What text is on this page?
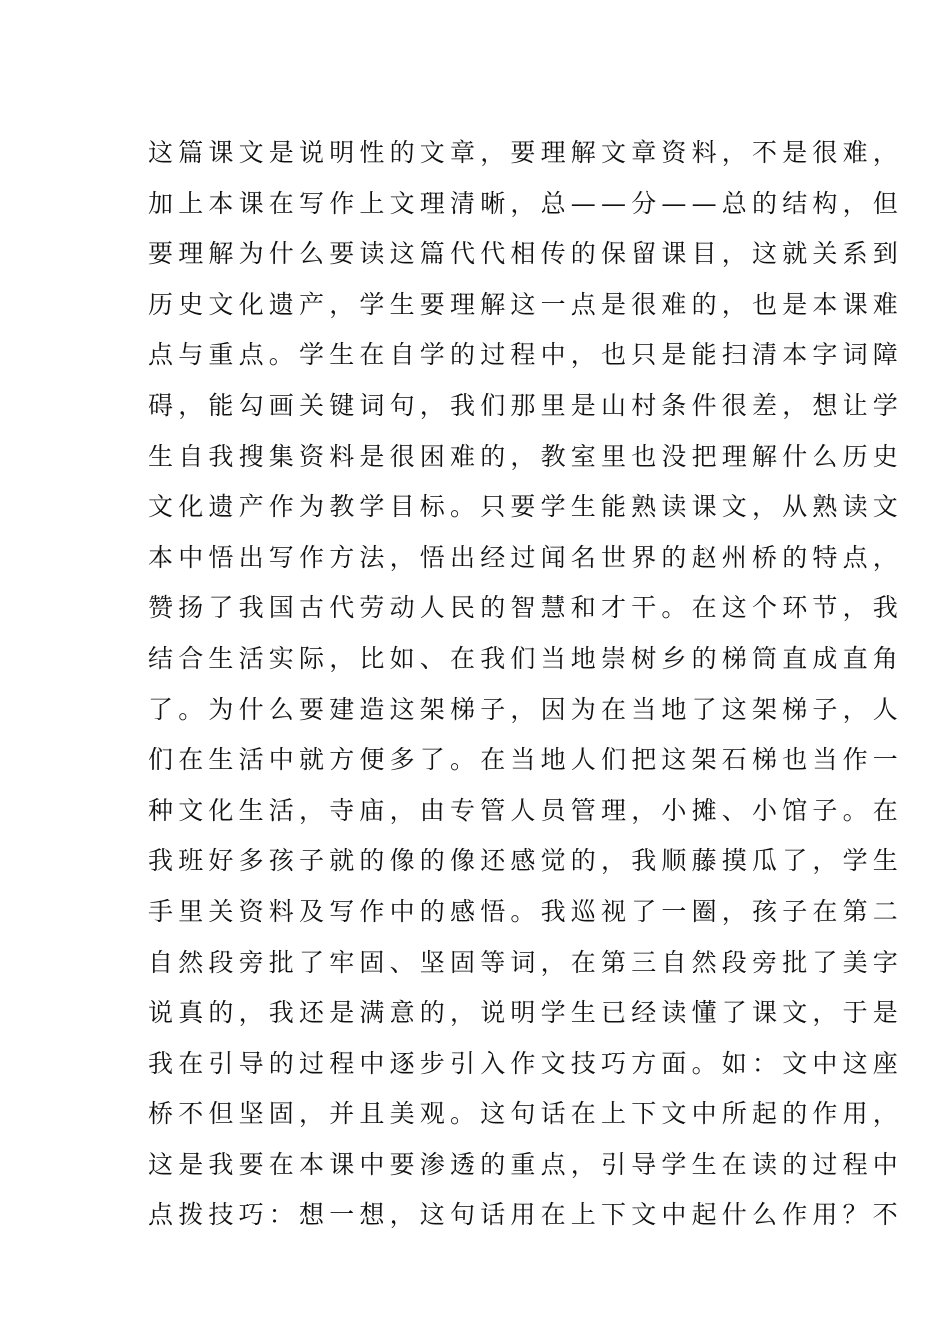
这篇课文是说明性的文章，要理解文章资料，不是很难，
加上本课在写作上文理清晰，总——分——总的结构，但
要理解为什么要读这篇代代相传的保留课目，这就关系到
历史文化遗产，学生要理解这一点是很难的，也是本课难
点与重点。学生在自学的过程中，也只是能扫清本字词障
碍，能勾画关键词句，我们那里是山村条件很差，想让学
生自我搜集资料是很困难的，教室里也没把理解什么历史
文化遗产作为教学目标。只要学生能熟读课文，从熟读文
本中悟出写作方法，悟出经过闻名世界的赵州桥的特点，
赞扬了我国古代劳动人民的智慧和才干。在这个环节，我
结合生活实际，比如、在我们当地崇树乡的梯筒直成直角
了。为什么要建造这架梯子，因为在当地了这架梯子，人
们在生活中就方便多了。在当地人们把这架石梯也当作一
种文化生活，寺庙，由专管人员管理，小摊、小馆子。在
我班好多孩子就的像的像还感觉的，我顺藤摸瓜了，学生
手里关资料及写作中的感悟。我巡视了一圈，孩子在第二
自然段旁批了牢固、坚固等词，在第三自然段旁批了美字
说真的，我还是满意的，说明学生已经读懂了课文，于是
我在引导的过程中逐步引入作文技巧方面。如：文中这座
桥不但坚固，并且美观。这句话在上下文中所起的作用，
这是我要在本课中要渗透的重点，引导学生在读的过程中
点拨技巧：想一想，这句话用在上下文中起什么作用？不
